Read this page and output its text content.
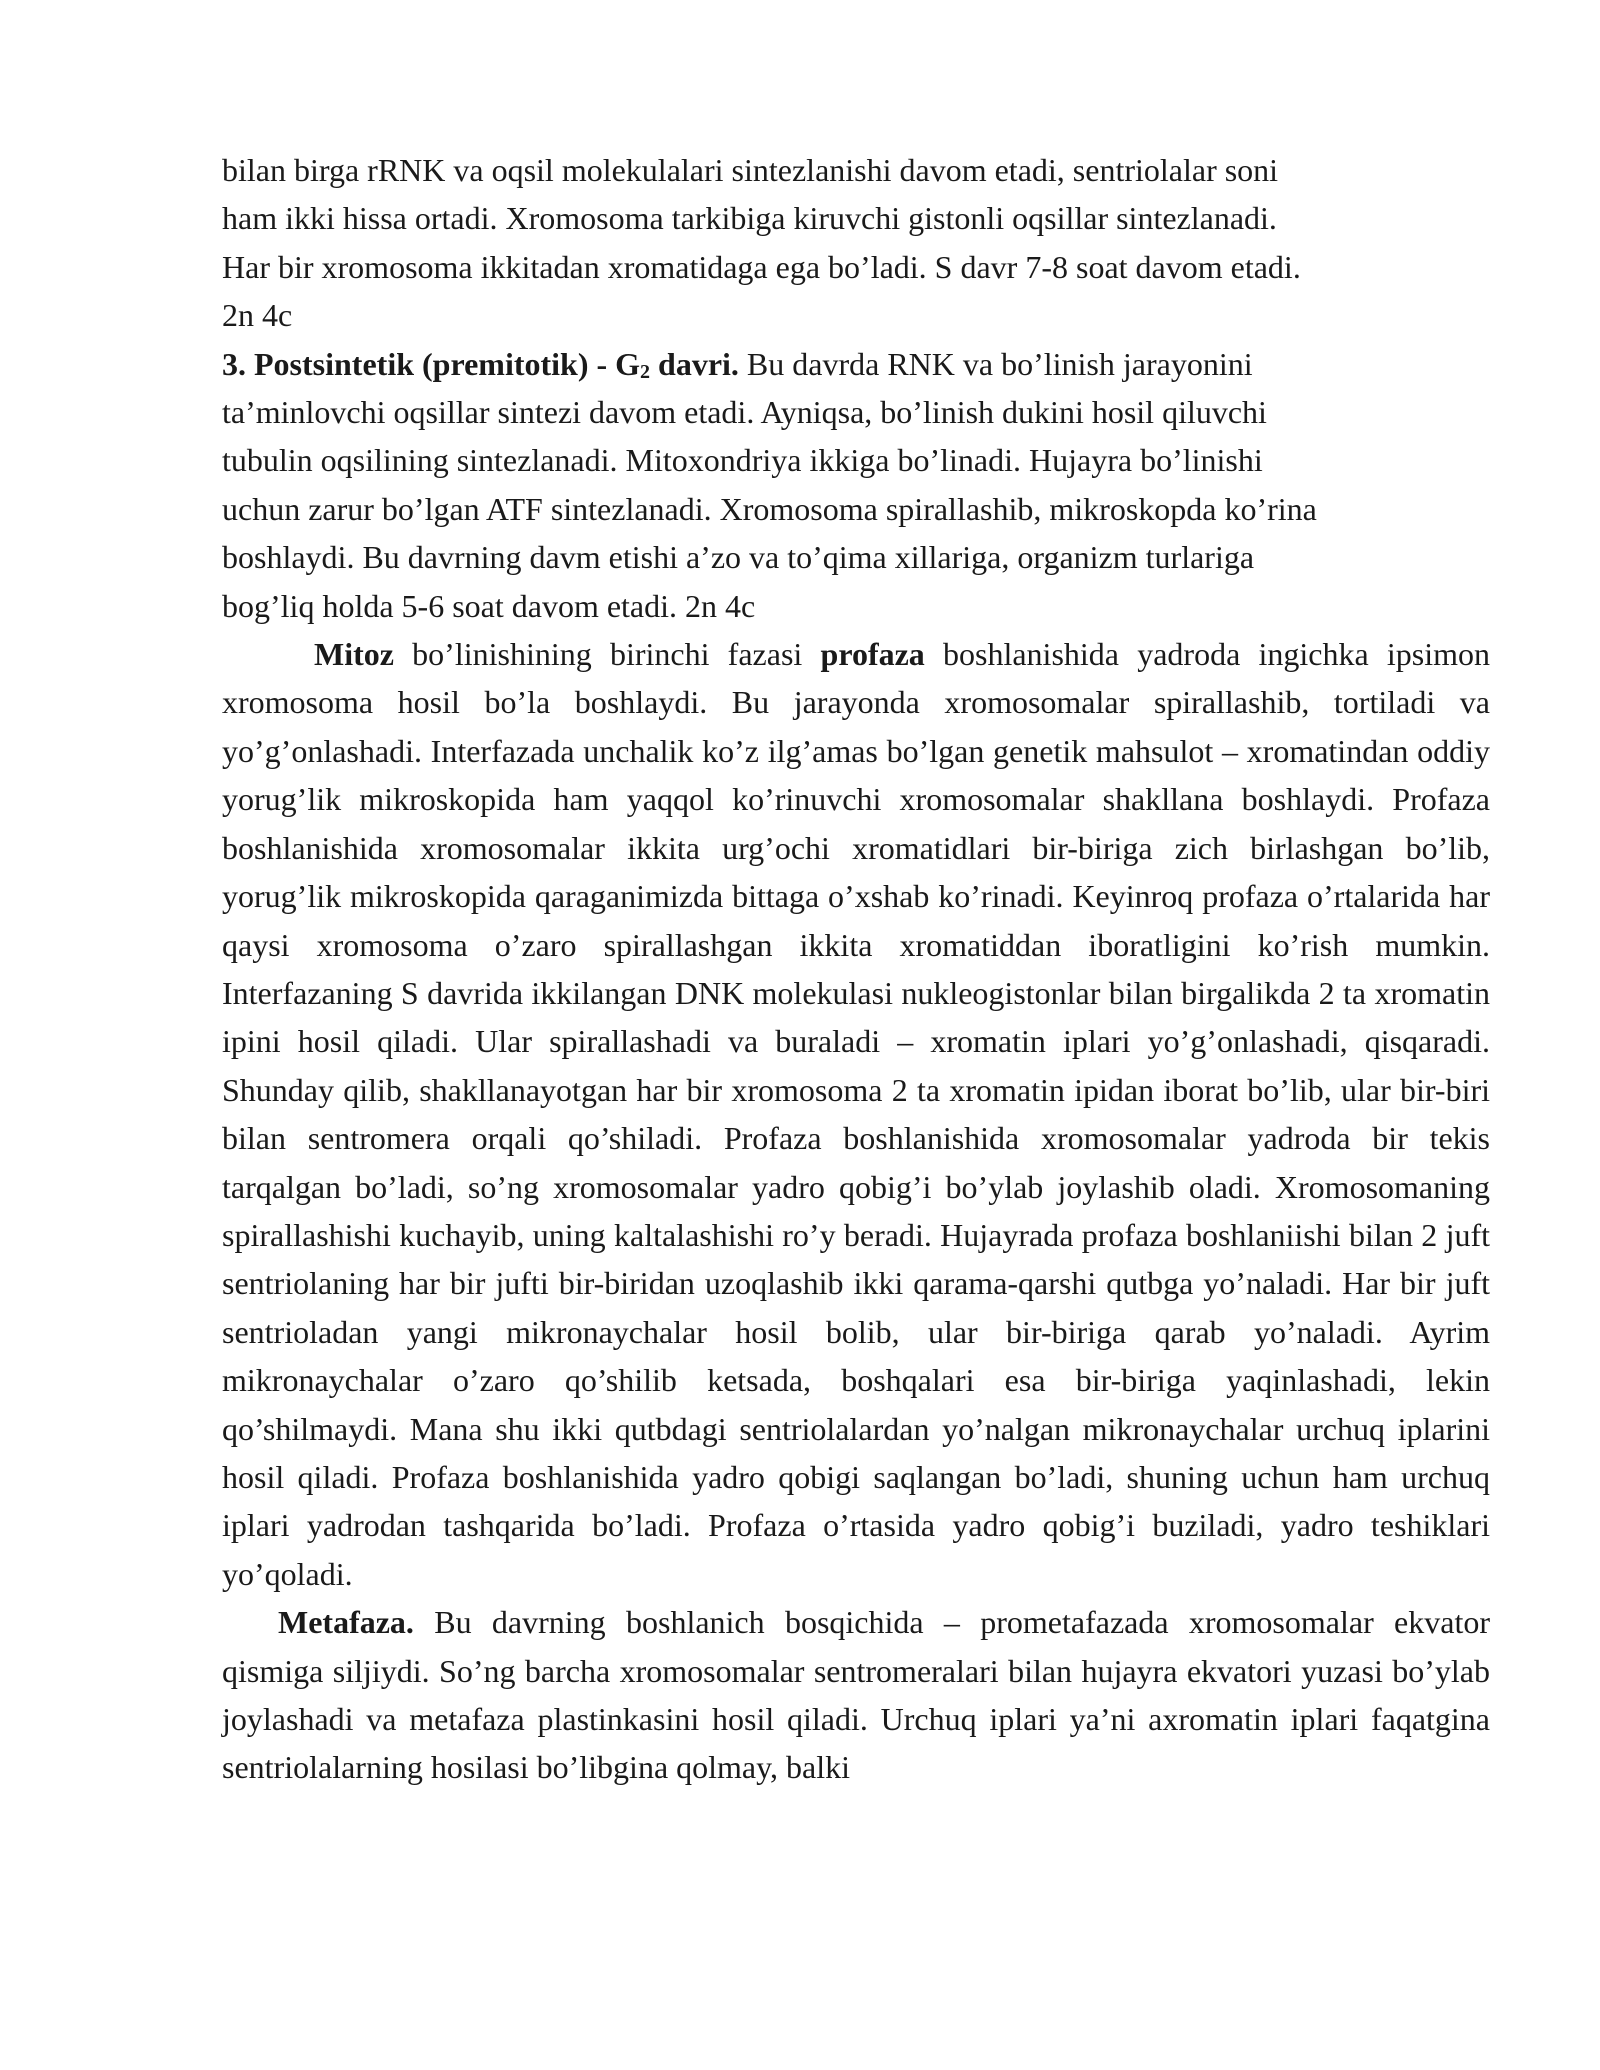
bilan birga rRNK va oqsil molekulalari sintezlanishi davom etadi, sentriolalar soni
ham ikki hissa ortadi. Xromosoma tarkibiga kiruvchi gistonli oqsillar sintezlanadi.
Har bir xromosoma ikkitadan xromatidaga ega bo’ladi. S davr 7-8 soat davom etadi.
2n 4c
3. Postsintetik (premitotik) - $G_2$ davri. Bu davrda RNK va bo’linish jarayonini
ta’minlovchi oqsillar sintezi davom etadi. Ayniqsa, bo’linish dukini hosil qiluvchi
tubulin oqsilining sintezlanadi. Mitoxondriya ikkiga bo’linadi. Hujayra bo’linishi
uchun zarur bo’lgan ATF sintezlanadi. Xromosoma spirallashib, mikroskopda ko’rina
boshlaydi. Bu davrning davm etishi a’zo va to’qima xillariga, organizm turlariga
bog’liq holda 5-6 soat davom etadi. 2n 4c

Mitoz bo’linishining birinchi fazasi profaza boshlanishida yadroda ingichka ipsimon xromosoma hosil bo’la boshlaydi. Bu jarayonda xromosomalar spirallashib, tortiladi va yo’g’onlashadi. Interfazada unchalik ko’z ilg’amas bo’lgan genetik mahsulot – xromatindan oddiy yorug’lik mikroskopida ham yaqqol ko’rinuvchi xromosomalar shakllana boshlaydi. Profaza boshlanishida xromosomalar ikkita urg’ochi xromatidlari bir-biriga zich birlashgan bo’lib, yorug’lik mikroskopida qaraganimizda bittaga o’xshab ko’rinadi. Keyinroq profaza o’rtalarida har qaysi xromosoma o’zaro spirallashgan ikkita xromatiddan iboratligini ko’rish mumkin. Interfazaning S davrida ikkilangan DNK molekulasi nukleogistonlar bilan birgalikda 2 ta xromatin ipini hosil qiladi. Ular spirallashadi va buraladi – xromatin iplari yo’g’onlashadi, qisqaradi. Shunday qilib, shakllanayotgan har bir xromosoma 2 ta xromatin ipidan iborat bo’lib, ular bir-biri bilan sentromera orqali qo’shiladi. Profaza boshlanishida xromosomalar yadroda bir tekis tarqalgan bo’ladi, so’ng xromosomalar yadro qobig’i bo’ylab joylashib oladi. Xromosomaning spirallashishi kuchayib, uning kaltalashishi ro’y beradi. Hujayrada profaza boshlaniishi bilan 2 juft sentriolaning har bir jufti bir-biridan uzoqlashib ikki qarama-qarshi qutbga yo’naladi. Har bir juft sentrioladan yangi mikronaychalar hosil bolib, ular bir-biriga qarab yo’naladi. Ayrim mikronaychalar o’zaro qo’shilib ketsada, boshqalari esa bir-biriga yaqinlashadi, lekin qo’shilmaydi. Mana shu ikki qutbdagi sentriolalardan yo’nalgan mikronaychalar urchuq iplarini hosil qiladi. Profaza boshlanishida yadro qobigi saqlangan bo’ladi, shuning uchun ham urchuq iplari yadrodan tashqarida bo’ladi. Profaza o’rtasida yadro qobig’i buziladi, yadro teshiklari yo’qoladi.

Metafaza. Bu davrning boshlanich bosqichida – prometafazada xromosomalar ekvator qismiga siljiydi. So’ng barcha xromosomalar sentromeralari bilan hujayra ekvatori yuzasi bo’ylab joylashadi va metafaza plastinkasini hosil qiladi. Urchuq iplari ya’ni axromatin iplari faqatgina sentriolalarning hosilasi bo’libgina qolmay, balki
